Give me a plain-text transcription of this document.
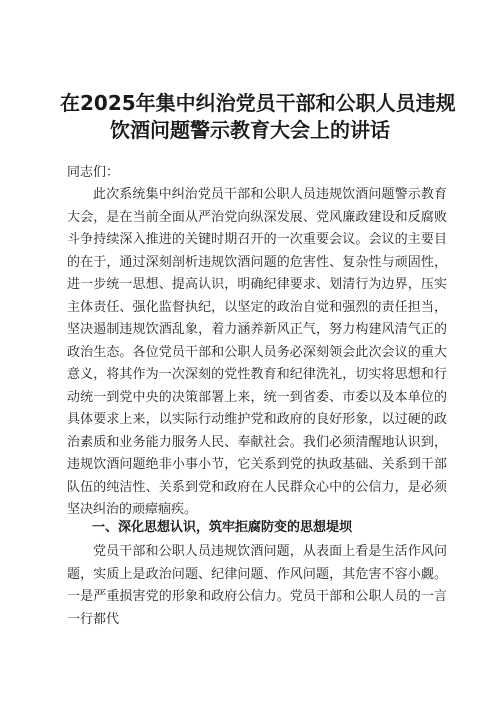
在2025年集中纠治党员干部和公职人员违规
饮酒问题警示教育大会上的讲话

同志们：

此次系统集中纠治党员干部和公职人员违规饮酒问题警示教育大会，是在当前全面从严治党向纵深发展、党风廉政建设和反腐败斗争持续深入推进的关键时期召开的一次重要会议。会议的主要目的在于，通过深刻剖析违规饮酒问题的危害性、复杂性与顽固性，进一步统一思想、提高认识，明确纪律要求、划清行为边界，压实主体责任、强化监督执纪，以坚定的政治自觉和强烈的责任担当，坚决遏制违规饮酒乱象，着力涵养新风正气，努力构建风清气正的政治生态。各位党员干部和公职人员务必深刻领会此次会议的重大意义，将其作为一次深刻的党性教育和纪律洗礼，切实将思想和行动统一到党中央的决策部署上来，统一到省委、市委以及本单位的具体要求上来，以实际行动维护党和政府的良好形象，以过硬的政治素质和业务能力服务人民、奉献社会。我们必须清醒地认识到，违规饮酒问题绝非小事小节，它关系到党的执政基础、关系到干部队伍的纯洁性、关系到党和政府在人民群众心中的公信力，是必须坚决纠治的顽瘴痼疾。

一、深化思想认识，筑牢拒腐防变的思想堤坝

党员干部和公职人员违规饮酒问题，从表面上看是生活作风问题，实质上是政治问题、纪律问题、作风问题，其危害不容小觑。一是严重损害党的形象和政府公信力。党员干部和公职人员的一言一行都代
